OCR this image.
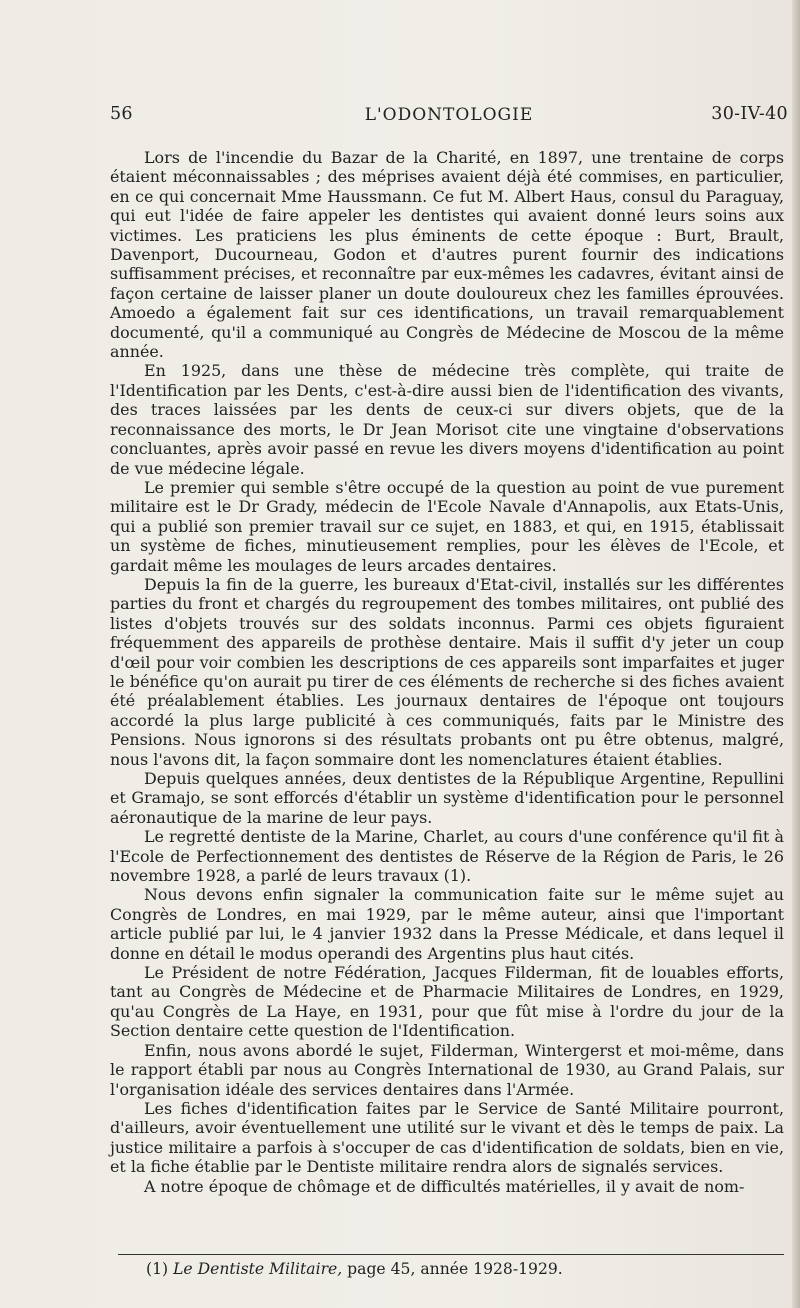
56	L'ODONTOLOGIE	30-IV-40

Lors de l'incendie du Bazar de la Charité, en 1897, une trentaine de corps étaient méconnaissables ; des méprises avaient déjà été commises, en particulier, en ce qui concernait Mme Haussmann. Ce fut M. Albert Haus, consul du Paraguay, qui eut l'idée de faire appeler les dentistes qui avaient donné leurs soins aux victimes. Les praticiens les plus éminents de cette époque : Burt, Brault, Davenport, Ducourneau, Godon et d'autres purent fournir des indications suffisamment précises, et reconnaître par eux-mêmes les cadavres, évitant ainsi de façon certaine de laisser planer un doute douloureux chez les familles éprouvées. Amoedo a également fait sur ces identifications, un travail remarquablement documenté, qu'il a communiqué au Congrès de Médecine de Moscou de la même année.

En 1925, dans une thèse de médecine très complète, qui traite de l'Identification par les Dents, c'est-à-dire aussi bien de l'identification des vivants, des traces laissées par les dents de ceux-ci sur divers objets, que de la reconnaissance des morts, le Dr Jean Morisot cite une vingtaine d'observations concluantes, après avoir passé en revue les divers moyens d'identification au point de vue médecine légale.

Le premier qui semble s'être occupé de la question au point de vue purement militaire est le Dr Grady, médecin de l'Ecole Navale d'Annapolis, aux Etats-Unis, qui a publié son premier travail sur ce sujet, en 1883, et qui, en 1915, établissait un système de fiches, minutieusement remplies, pour les élèves de l'Ecole, et gardait même les moulages de leurs arcades dentaires.

Depuis la fin de la guerre, les bureaux d'Etat-civil, installés sur les différentes parties du front et chargés du regroupement des tombes militaires, ont publié des listes d'objets trouvés sur des soldats inconnus. Parmi ces objets figuraient fréquemment des appareils de prothèse dentaire. Mais il suffit d'y jeter un coup d'œil pour voir combien les descriptions de ces appareils sont imparfaites et juger le bénéfice qu'on aurait pu tirer de ces éléments de recherche si des fiches avaient été préalablement établies. Les journaux dentaires de l'époque ont toujours accordé la plus large publicité à ces communiqués, faits par le Ministre des Pensions. Nous ignorons si des résultats probants ont pu être obtenus, malgré, nous l'avons dit, la façon sommaire dont les nomenclatures étaient établies.

Depuis quelques années, deux dentistes de la République Argentine, Repullini et Gramajo, se sont efforcés d'établir un système d'identification pour le personnel aéronautique de la marine de leur pays.

Le regretté dentiste de la Marine, Charlet, au cours d'une conférence qu'il fit à l'Ecole de Perfectionnement des dentistes de Réserve de la Région de Paris, le 26 novembre 1928, a parlé de leurs travaux (1).

Nous devons enfin signaler la communication faite sur le même sujet au Congrès de Londres, en mai 1929, par le même auteur, ainsi que l'important article publié par lui, le 4 janvier 1932 dans la Presse Médicale, et dans lequel il donne en détail le modus operandi des Argentins plus haut cités.

Le Président de notre Fédération, Jacques Filderman, fit de louables efforts, tant au Congrès de Médecine et de Pharmacie Militaires de Londres, en 1929, qu'au Congrès de La Haye, en 1931, pour que fût mise à l'ordre du jour de la Section dentaire cette question de l'Identification.

Enfin, nous avons abordé le sujet, Filderman, Wintergerst et moi-même, dans le rapport établi par nous au Congrès International de 1930, au Grand Palais, sur l'organisation idéale des services dentaires dans l'Armée.

Les fiches d'identification faites par le Service de Santé Militaire pourront, d'ailleurs, avoir éventuellement une utilité sur le vivant et dès le temps de paix. La justice militaire a parfois à s'occuper de cas d'identification de soldats, bien en vie, et la fiche établie par le Dentiste militaire rendra alors de signalés services.

A notre époque de chômage et de difficultés matérielles, il y avait de nom-

(1) Le Dentiste Militaire, page 45, année 1928-1929.
